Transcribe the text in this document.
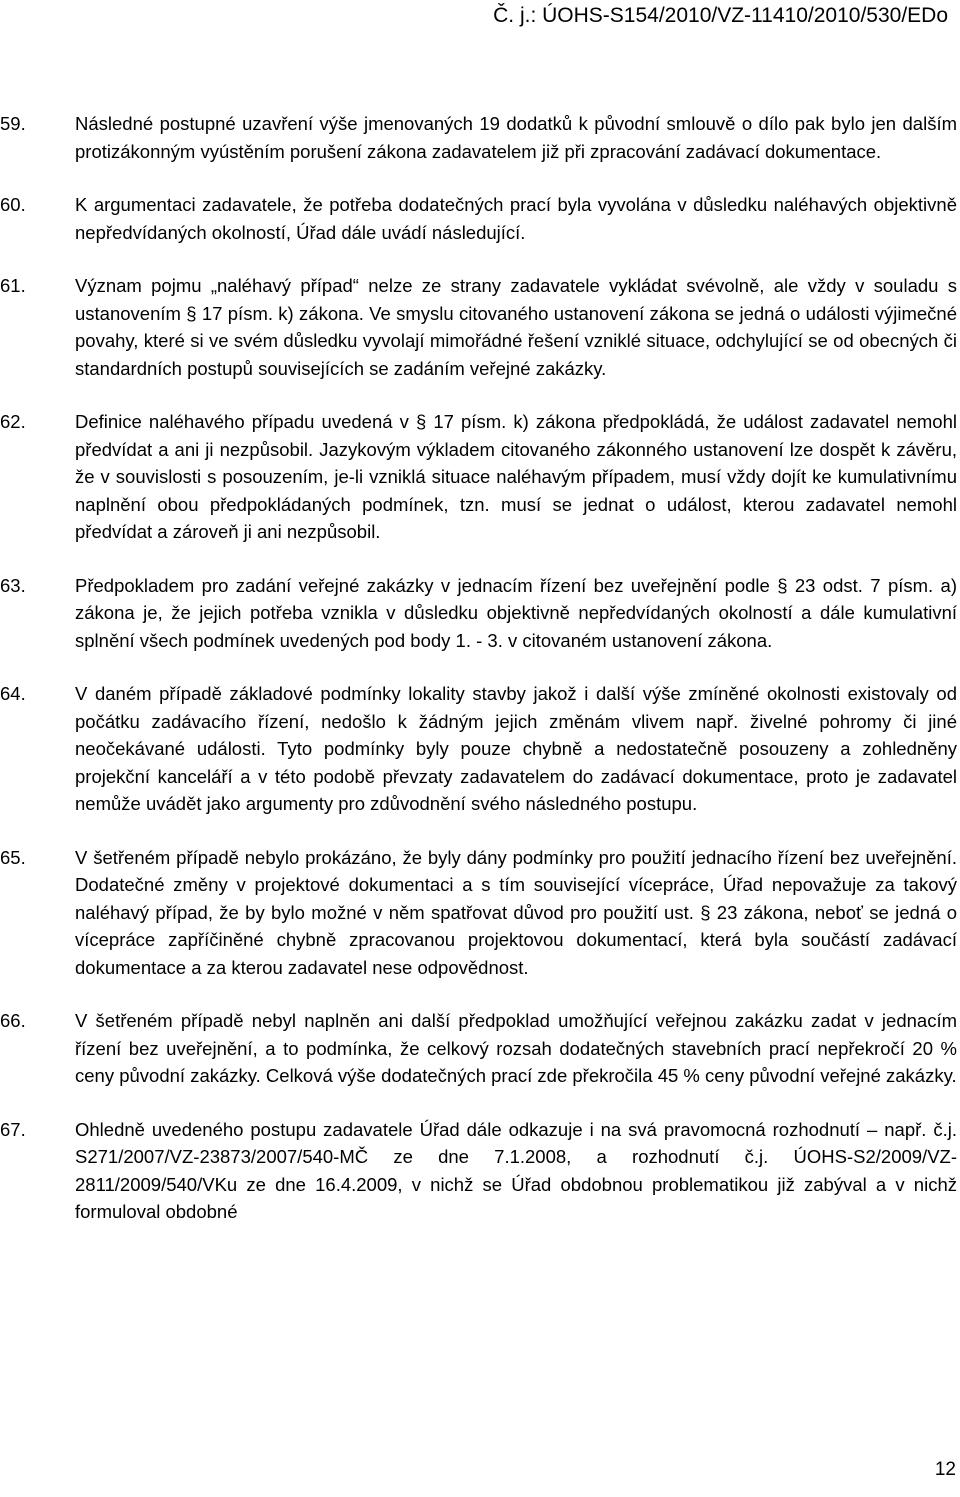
Č. j.: ÚOHS-S154/2010/VZ-11410/2010/530/EDo
59.	Následné postupné uzavření výše jmenovaných 19 dodatků k původní smlouvě o dílo pak bylo jen dalším protizákonným vyústěním porušení zákona zadavatelem již při zpracování zadávací dokumentace.
60.	K argumentaci zadavatele, že potřeba dodatečných prací byla vyvolána v důsledku naléhavých objektivně nepředvídaných okolností, Úřad dále uvádí následující.
61.	Význam pojmu „naléhavý případ“ nelze ze strany zadavatele vykládat svévolně, ale vždy v souladu s ustanovením § 17 písm. k) zákona. Ve smyslu citovaného ustanovení zákona se jedná o události výjimečné povahy, které si ve svém důsledku vyvolají mimořádné řešení vzniklé situace, odchylující se od obecných či standardních postupů souvisejících se zadáním veřejné zakázky.
62.	Definice naléhavého případu uvedená v § 17 písm. k) zákona předpokládá, že událost zadavatel nemohl předvídat a ani ji nezpůsobil. Jazykovým výkladem citovaného zákonného ustanovení lze dospět k závěru, že v souvislosti s posouzením, je-li vzniklá situace naléhavým případem, musí vždy dojít ke kumulativnímu naplnění obou předpokládaných podmínek, tzn. musí se jednat o událost, kterou zadavatel nemohl předvídat a zároveň ji ani nezpůsobil.
63.	Předpokladem pro zadání veřejné zakázky v jednacím řízení bez uveřejnění podle § 23 odst. 7 písm. a) zákona je, že jejich potřeba vznikla v důsledku objektivně nepředvídaných okolností a dále kumulativní splnění všech podmínek uvedených pod body 1. - 3. v citovaném ustanovení zákona.
64.	V daném případě základové podmínky lokality stavby jakož i další výše zmíněné okolnosti existovaly od počátku zadávacího řízení, nedošlo k žádným jejich změnám vlivem např. živelné pohromy či jiné neočekávané události. Tyto podmínky byly pouze chybně a nedostatečně posouzeny a zohledněny projekční kanceláří a v této podobě převzaty zadavatelem do zadávací dokumentace, proto je zadavatel nemůže uvádět jako argumenty pro zdůvodnění svého následného postupu.
65.	V šetřeném případě nebylo prokázáno, že byly dány podmínky pro použití jednacího řízení bez uveřejnění. Dodatečné změny v projektové dokumentaci a s tím související vícepráce, Úřad nepovažuje za takový naléhavý případ, že by bylo možné v něm spatřovat důvod pro použití ust. § 23 zákona, neboť se jedná o vícepráce zapříčiněné chybně zpracovanou projektovou dokumentací, která byla součástí zadávací dokumentace a za kterou zadavatel nese odpovědnost.
66.	V šetřeném případě nebyl naplněn ani další předpoklad umožňující veřejnou zakázku zadat v jednacím řízení bez uveřejnění, a to podmínka, že celkový rozsah dodatečných stavebních prací nepřekročí 20 % ceny původní zakázky. Celková výše dodatečných prací zde překročila 45 % ceny původní veřejné zakázky.
67.	Ohledně uvedeného postupu zadavatele Úřad dále odkazuje i na svá pravomocná rozhodnutí – např. č.j. S271/2007/VZ-23873/2007/540-MČ ze dne 7.1.2008, a rozhodnutí č.j. ÚOHS-S2/2009/VZ-2811/2009/540/VKu ze dne 16.4.2009, v nichž se Úřad obdobnou problematikou již zabýval a v nichž formuloval obdobné
12
